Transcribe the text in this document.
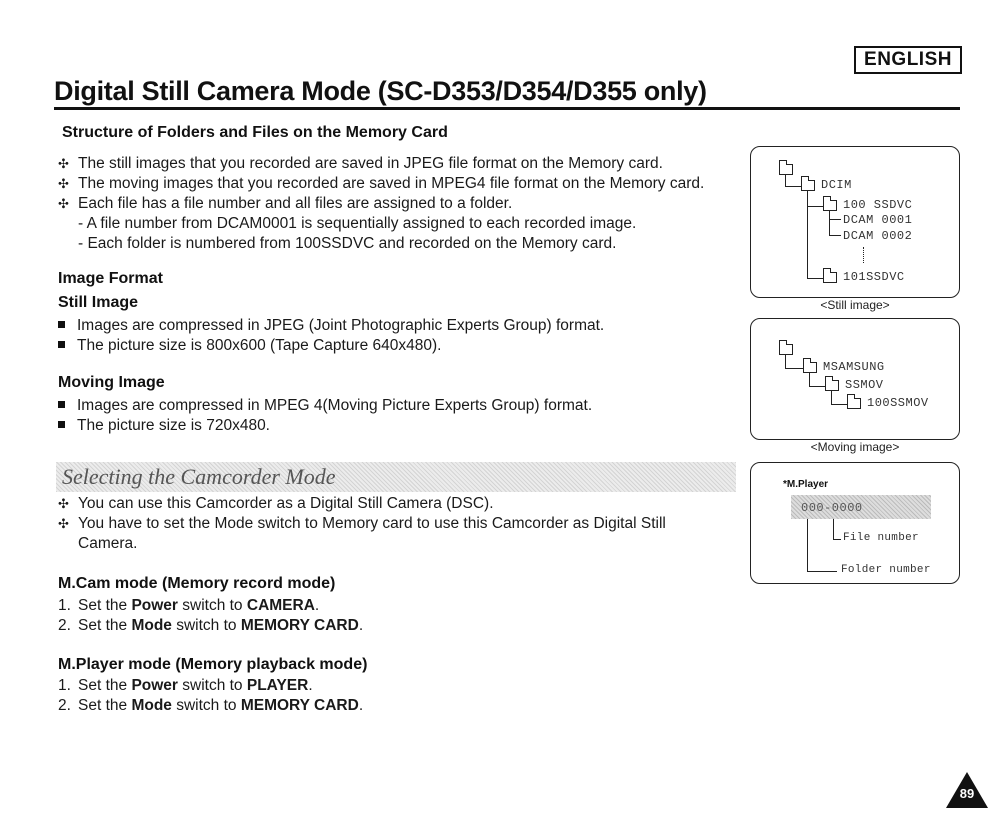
ENGLISH
Digital Still Camera Mode (SC-D353/D354/D355 only)
Structure of Folders and Files on the Memory Card
✣ The still images that you recorded are saved in JPEG file format on the Memory card.
✣ The moving images that you recorded are saved in MPEG4 file format on the Memory card.
✣ Each file has a file number and all files are assigned to a folder.
- A file number from DCAM0001 is sequentially assigned to each recorded image.
- Each folder is numbered from 100SSDVC and recorded on the Memory card.
Image Format
Still Image
Images are compressed in JPEG (Joint Photographic Experts Group) format.
The picture size is 800x600 (Tape Capture 640x480).
Moving Image
Images are compressed in MPEG 4(Moving Picture Experts Group) format.
The picture size is 720x480.
Selecting the Camcorder Mode
✣ You can use this Camcorder as a Digital Still Camera (DSC).
✣ You have to set the Mode switch to Memory card to use this Camcorder as Digital Still
Camera.
M.Cam mode (Memory record mode)
1. Set the Power switch to CAMERA.
2. Set the Mode switch to MEMORY CARD.
M.Player mode (Memory playback mode)
1. Set the Power switch to PLAYER.
2. Set the Mode switch to MEMORY CARD.
DCIM
100 SSDVC
DCAM 0001
DCAM 0002
101SSDVC
<Still image>
MSAMSUNG
SSMOV
100SSMOV
<Moving image>
*M.Player
000-0000
File number
Folder number
89
